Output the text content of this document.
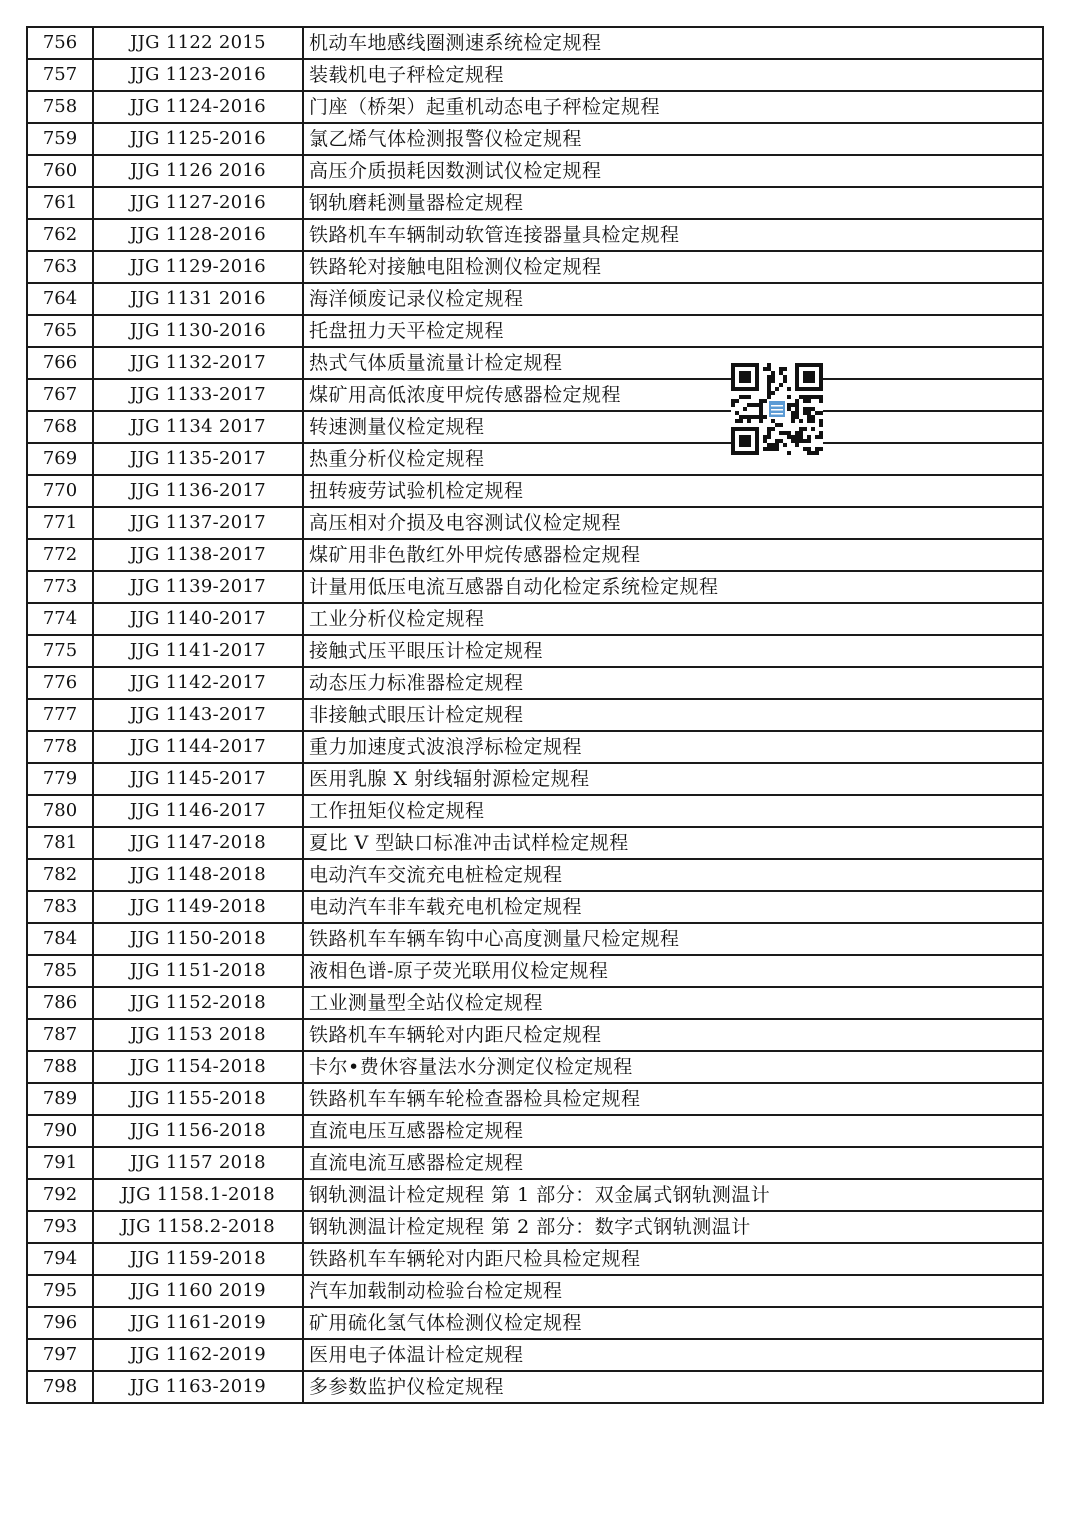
756	JJG 1122 2015	机动车地感线圈测速系统检定规程
757	JJG 1123-2016	装载机电子秤检定规程
758	JJG 1124-2016	门座（桥架）起重机动态电子秤检定规程
759	JJG 1125-2016	氯乙烯气体检测报警仪检定规程
760	JJG 1126 2016	高压介质损耗因数测试仪检定规程
761	JJG 1127-2016	钢轨磨耗测量器检定规程
762	JJG 1128-2016	铁路机车车辆制动软管连接器量具检定规程
763	JJG 1129-2016	铁路轮对接触电阻检测仪检定规程
764	JJG 1131 2016	海洋倾废记录仪检定规程
765	JJG 1130-2016	托盘扭力天平检定规程
766	JJG 1132-2017	热式气体质量流量计检定规程
767	JJG 1133-2017	煤矿用高低浓度甲烷传感器检定规程
768	JJG 1134 2017	转速测量仪检定规程
769	JJG 1135-2017	热重分析仪检定规程
770	JJG 1136-2017	扭转疲劳试验机检定规程
771	JJG 1137-2017	高压相对介损及电容测试仪检定规程
772	JJG 1138-2017	煤矿用非色散红外甲烷传感器检定规程
773	JJG 1139-2017	计量用低压电流互感器自动化检定系统检定规程
774	JJG 1140-2017	工业分析仪检定规程
775	JJG 1141-2017	接触式压平眼压计检定规程
776	JJG 1142-2017	动态压力标准器检定规程
777	JJG 1143-2017	非接触式眼压计检定规程
778	JJG 1144-2017	重力加速度式波浪浮标检定规程
779	JJG 1145-2017	医用乳腺 X 射线辐射源检定规程
780	JJG 1146-2017	工作扭矩仪检定规程
781	JJG 1147-2018	夏比 V 型缺口标准冲击试样检定规程
782	JJG 1148-2018	电动汽车交流充电桩检定规程
783	JJG 1149-2018	电动汽车非车载充电机检定规程
784	JJG 1150-2018	铁路机车车辆车钩中心高度测量尺检定规程
785	JJG 1151-2018	液相色谱-原子荧光联用仪检定规程
786	JJG 1152-2018	工业测量型全站仪检定规程
787	JJG 1153 2018	铁路机车车辆轮对内距尺检定规程
788	JJG 1154-2018	卡尔•费休容量法水分测定仪检定规程
789	JJG 1155-2018	铁路机车车辆车轮检查器检具检定规程
790	JJG 1156-2018	直流电压互感器检定规程
791	JJG 1157 2018	直流电流互感器检定规程
792	JJG 1158.1-2018	钢轨测温计检定规程 第 1 部分：双金属式钢轨测温计
793	JJG 1158.2-2018	钢轨测温计检定规程 第 2 部分：数字式钢轨测温计
794	JJG 1159-2018	铁路机车车辆轮对内距尺检具检定规程
795	JJG 1160 2019	汽车加载制动检验台检定规程
796	JJG 1161-2019	矿用硫化氢气体检测仪检定规程
797	JJG 1162-2019	医用电子体温计检定规程
798	JJG 1163-2019	多参数监护仪检定规程
